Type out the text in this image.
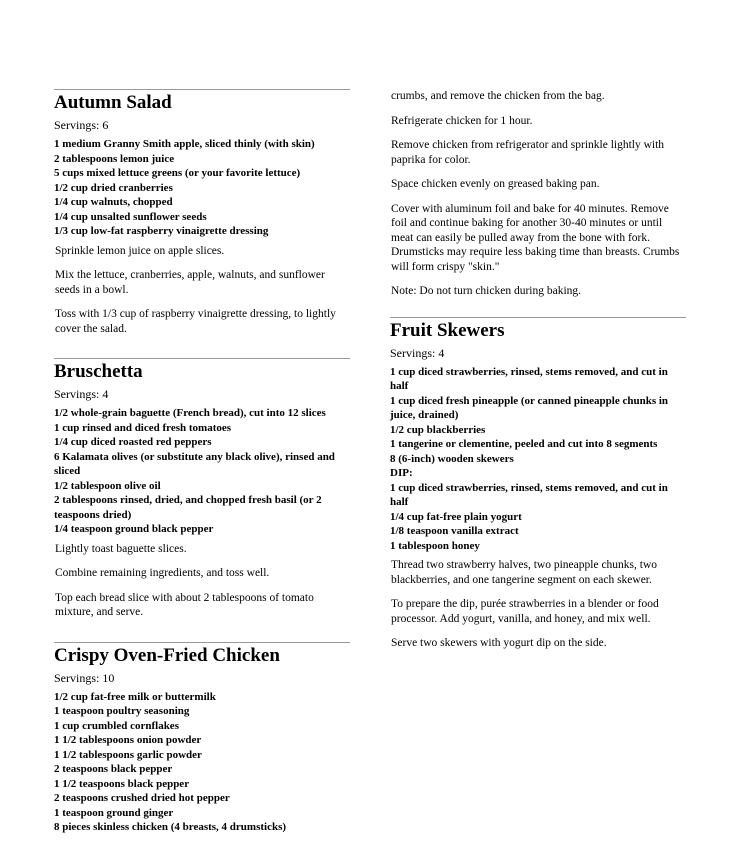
Autumn Salad
Servings: 6
1 medium Granny Smith apple, sliced thinly (with skin)
2 tablespoons lemon juice
5 cups mixed lettuce greens (or your favorite lettuce)
1/2 cup dried cranberries
1/4 cup walnuts, chopped
1/4 cup unsalted sunflower seeds
1/3 cup low-fat raspberry vinaigrette dressing

Sprinkle lemon juice on apple slices.

Mix the lettuce, cranberries, apple, walnuts, and sunflower seeds in a bowl.

Toss with 1/3 cup of raspberry vinaigrette dressing, to lightly cover the salad.

Bruschetta
Servings: 4
1/2 whole-grain baguette (French bread), cut into 12 slices
1 cup rinsed and diced fresh tomatoes
1/4 cup diced roasted red peppers
6 Kalamata olives (or substitute any black olive), rinsed and sliced
1/2 tablespoon olive oil
2 tablespoons rinsed, dried, and chopped fresh basil (or 2 teaspoons dried)
1/4 teaspoon ground black pepper

Lightly toast baguette slices.

Combine remaining ingredients, and toss well.

Top each bread slice with about 2 tablespoons of tomato mixture, and serve.

Crispy Oven-Fried Chicken
Servings: 10
1/2 cup fat-free milk or buttermilk
1 teaspoon poultry seasoning
1 cup crumbled cornflakes
1 1/2 tablespoons onion powder
1 1/2 tablespoons garlic powder
2 teaspoons black pepper
1 1/2 teaspoons black pepper
2 teaspoons crushed dried hot pepper
1 teaspoon ground ginger
8 pieces skinless chicken (4 breasts, 4 drumsticks)

crumbs, and remove the chicken from the bag.

Refrigerate chicken for 1 hour.

Remove chicken from refrigerator and sprinkle lightly with paprika for color.

Space chicken evenly on greased baking pan.

Cover with aluminum foil and bake for 40 minutes. Remove foil and continue baking for another 30-40 minutes or until meat can easily be pulled away from the bone with fork. Drumsticks may require less baking time than breasts. Crumbs will form crispy "skin."

Note: Do not turn chicken during baking.

Fruit Skewers
Servings: 4
1 cup diced strawberries, rinsed, stems removed, and cut in half
1 cup diced fresh pineapple (or canned pineapple chunks in juice, drained)
1/2 cup blackberries
1 tangerine or clementine, peeled and cut into 8 segments
8 (6-inch) wooden skewers
DIP:
1 cup diced strawberries, rinsed, stems removed, and cut in half
1/4 cup fat-free plain yogurt
1/8 teaspoon vanilla extract
1 tablespoon honey

Thread two strawberry halves, two pineapple chunks, two blackberries, and one tangerine segment on each skewer.

To prepare the dip, purée strawberries in a blender or food processor. Add yogurt, vanilla, and honey, and mix well.

Serve two skewers with yogurt dip on the side.
